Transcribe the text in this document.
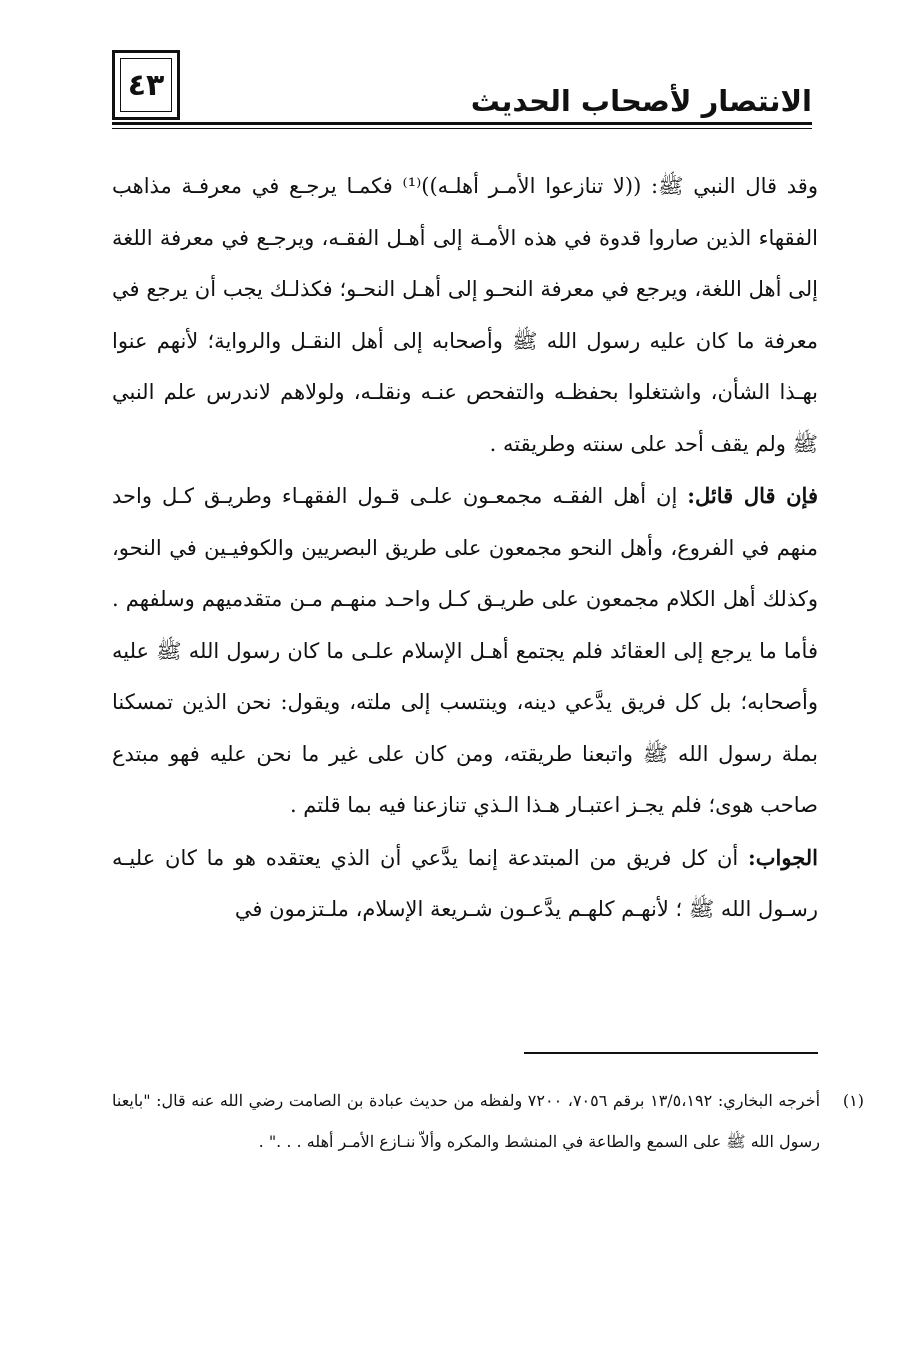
٤٣	الانتصار لأصحاب الحديث

وقد قال النبي ﷺ: ((لا تنازعوا الأمـر أهلـه))⁽¹⁾ فكمـا يرجـع في معرفـة مذاهب الفقهاء الذين صاروا قدوة في هذه الأمـة إلى أهـل الفقـه، ويرجـع في معرفة اللغة إلى أهل اللغة، ويرجع في معرفة النحـو إلى أهـل النحـو؛ فكذلـك يجب أن يرجع في معرفة ما كان عليه رسول الله ﷺ وأصحابه إلى أهل النقـل والرواية؛ لأنهم عنوا بهـذا الشأن، واشتغلوا بحفظـه والتفحص عنـه ونقلـه، ولولاهم لاندرس علم النبي ﷺ ولم يقف أحد على سنته وطريقته .

فإن قال قائل: إن أهل الفقـه مجمعـون علـى قـول الفقهـاء وطريـق كـل واحد منهم في الفروع، وأهل النحو مجمعون على طريق البصريين والكوفيـين في النحو، وكذلك أهل الكلام مجمعون على طريـق كـل واحـد منهـم مـن متقدميهم وسلفهم . فأما ما يرجع إلى العقائد فلم يجتمع أهـل الإسلام علـى ما كان رسول الله ﷺ عليه وأصحابه؛ بل كل فريق يدَّعي دينه، وينتسب إلى ملته، ويقول: نحن الذين تمسكنا بملة رسول الله ﷺ واتبعنا طريقته، ومن كان على غير ما نحن عليه فهو مبتدع صاحب هوى؛ فلم يجـز اعتبـار هـذا الـذي تنازعنا فيه بما قلتم .

الجواب: أن كل فريق من المبتدعة إنما يدَّعي أن الذي يعتقده هو ما كان عليـه رسـول الله ﷺ ؛ لأنهـم كلهـم يدَّعـون شـريعة الإسلام، ملـتزمون في

(١)
أخرجه البخاري: ١٣/٥،١٩٢ برقم ٧٠٥٦، ٧٢٠٠ ولفظه من حديث عبادة بن الصامت رضي الله عنه قال: "بايعنا رسول الله ﷺ على السمع والطاعة في المنشط والمكره وألاّ ننـازع الأمـر أهله . . ." .
